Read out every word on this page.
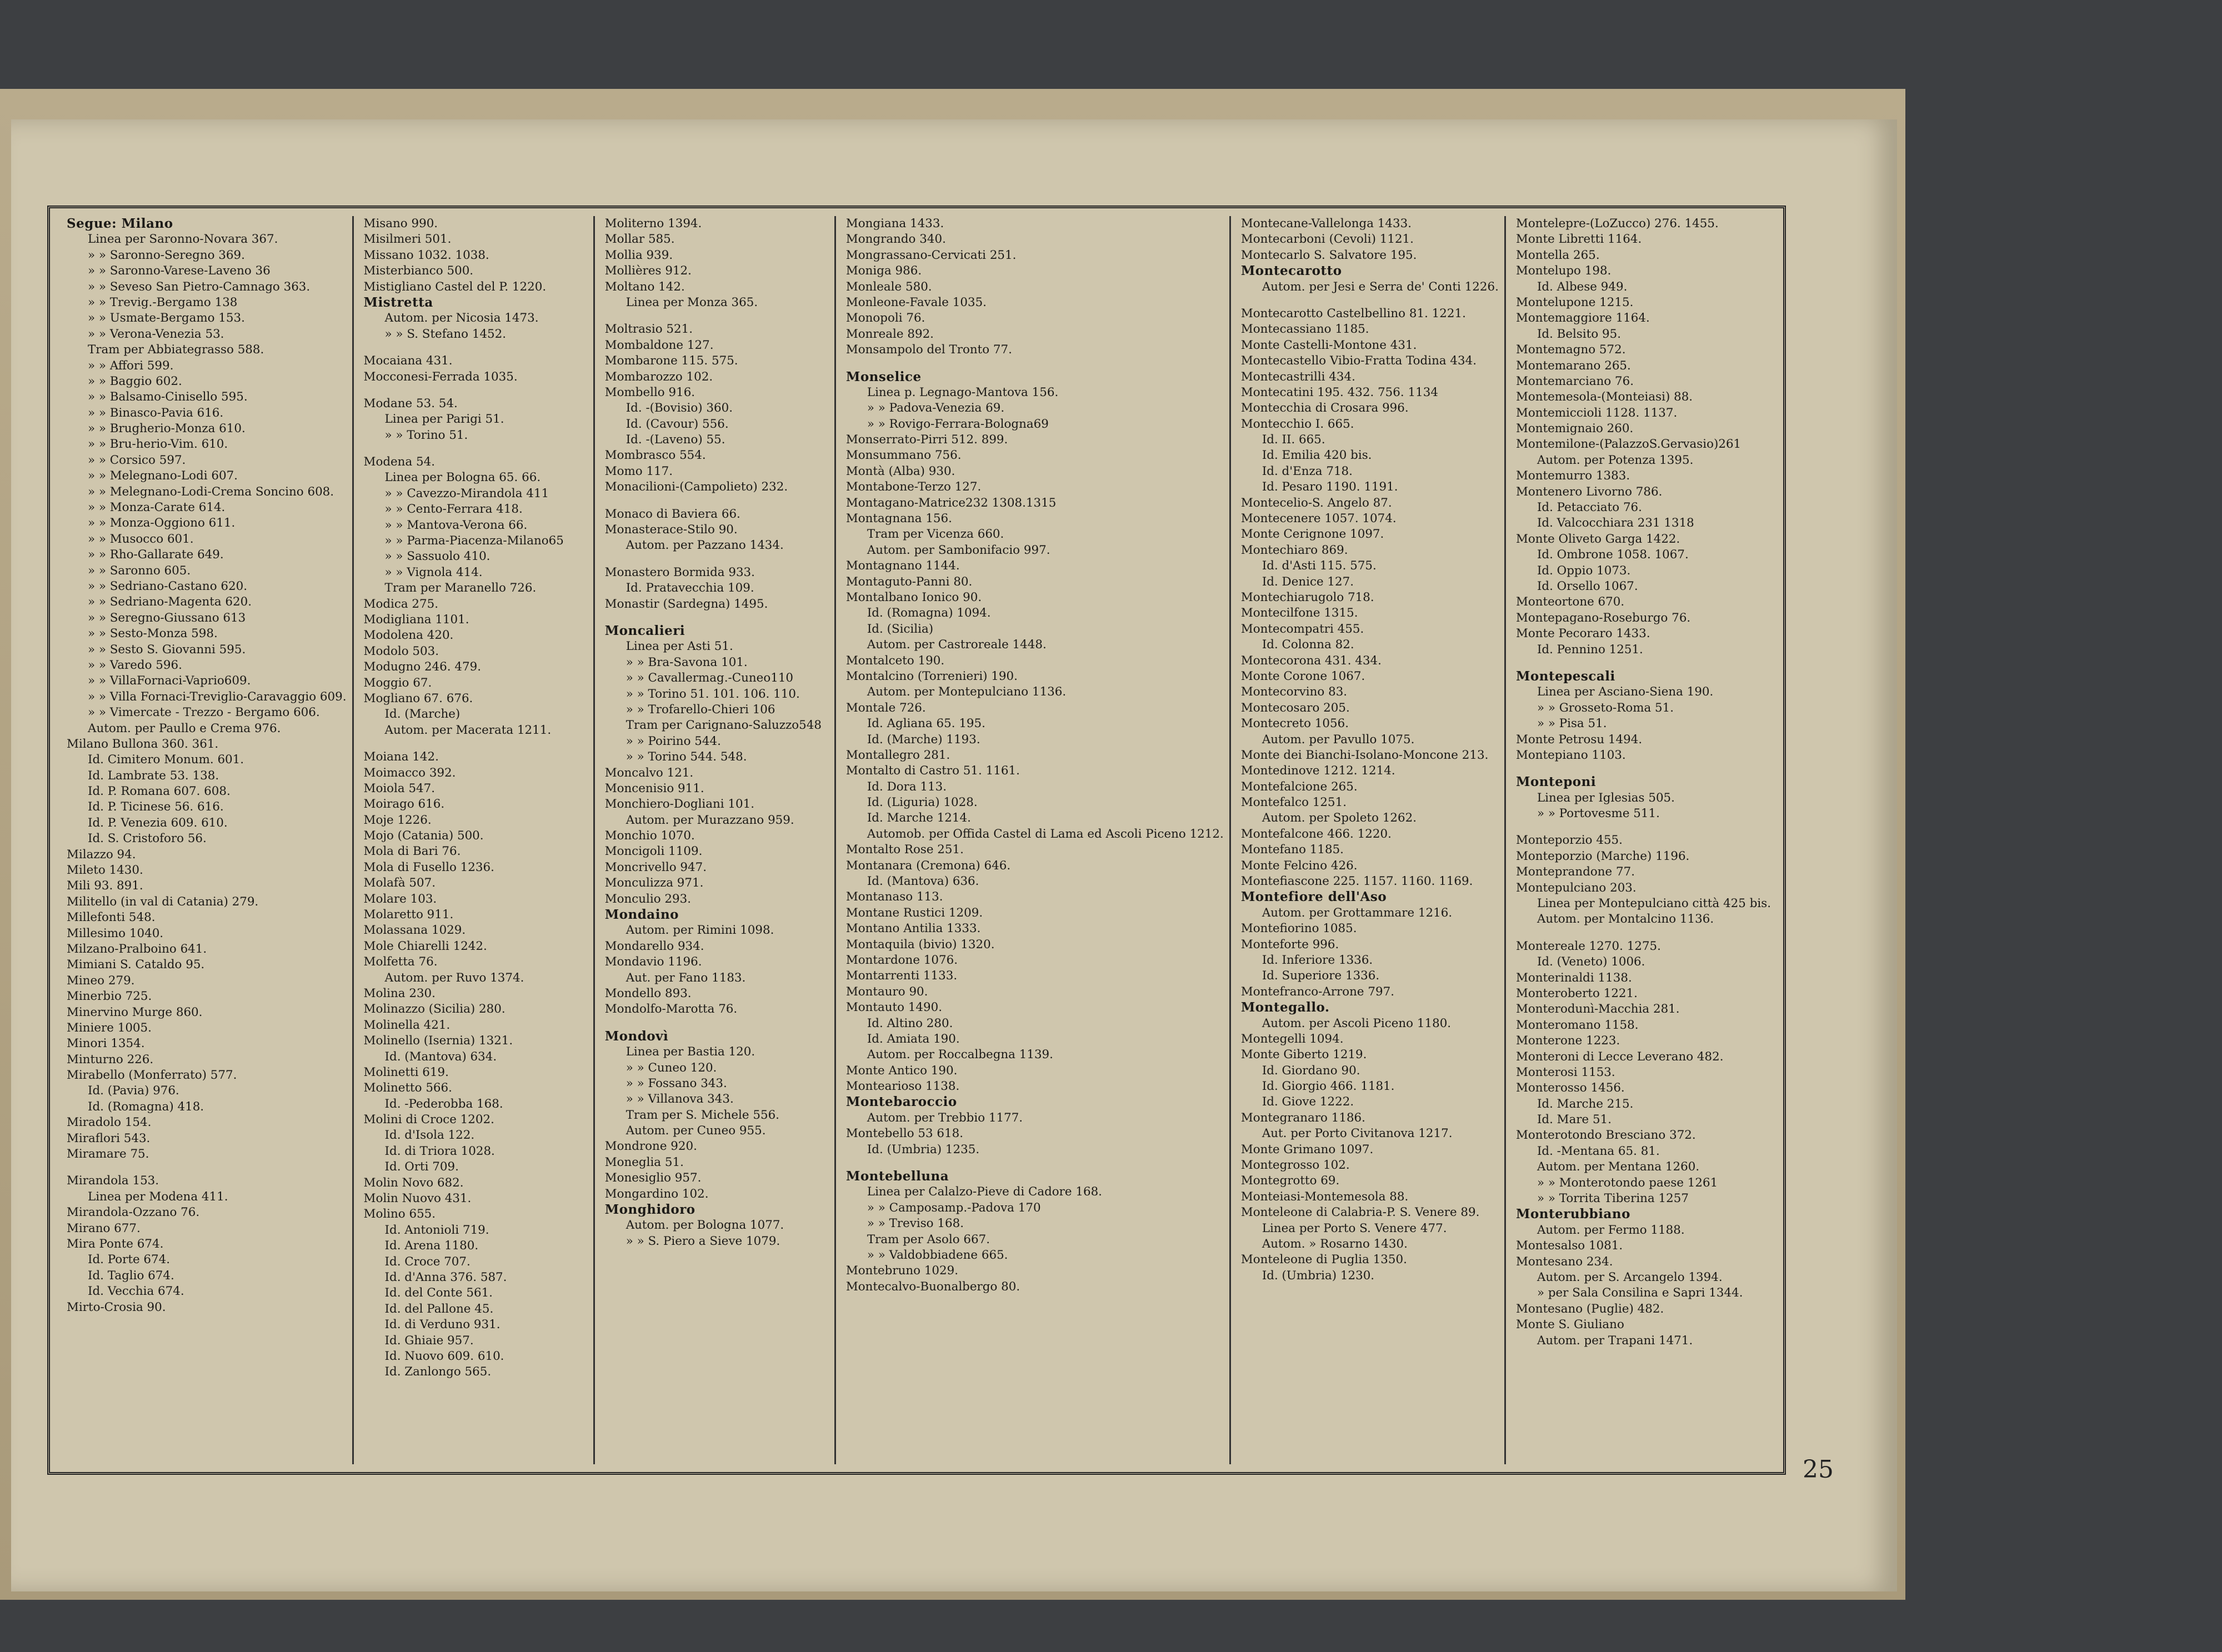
Segue: Milano
Linea per Saronno-Novara 367.
» » Saronno-Seregno 369.
» » Saronno-Varese-Laveno 36
» » Seveso San Pietro-Camnago 363.
» » Trevig.-Bergamo 138
» » Usmate-Bergamo 153.
» » Verona-Venezia 53.
Tram per Abbiategrasso 588.
» » Affori 599.
» » Baggio 602.
» » Balsamo-Cinisello 595.
» » Binasco-Pavia 616.
» » Brugherio-Monza 610.
» » Bru-herio-Vim. 610.
» » Corsico 597.
» » Melegnano-Lodi 607.
» » Melegnano-Lodi-Crema Soncino 608.
» » Monza-Carate 614.
» » Monza-Oggiono 611.
» » Musocco 601.
» » Rho-Gallarate 649.
» » Saronno 605.
» » Sedriano-Castano 620.
» » Sedriano-Magenta 620.
» » Seregno-Giussano 613
» » Sesto-Monza 598.
» » Sesto S. Giovanni 595.
» » Varedo 596.
» » VillaFornaci-Vaprio609.
» » Villa Fornaci-Treviglio-Caravaggio 609.
» » Vimercate - Trezzo - Bergamo 606.
Autom. per Paullo e Crema 976.
Milano Bullona 360. 361.
Id. Cimitero Monum. 601.
Id. Lambrate 53. 138.
Id. P. Romana 607. 608.
Id. P. Ticinese 56. 616.
Id. P. Venezia 609. 610.
Id. S. Cristoforo 56.
Milazzo 94.
Mileto 1430.
Mili 93. 891.
Militello (in val di Catania) 279.
Millefonti 548.
Millesimo 1040.
Milzano-Pralboino 641.
Mimiani S. Cataldo 95.
Mineo 279.
Minerbio 725.
Minervino Murge 860.
Miniere 1005.
Minori 1354.
Minturno 226.
Mirabello (Monferrato) 577.
Id. (Pavia) 976.
Id. (Romagna) 418.
Miradolo 154.
Miraflori 543.
Miramare 75.
Mirandola 153.
Linea per Modena 411.
Mirandola-Ozzano 76.
Mirano 677.
Mira Ponte 674.
Id. Porte 674.
Id. Taglio 674.
Id. Vecchia 674.
Mirto-Crosia 90.
Misano 990.
Misilmeri 501.
Missano 1032. 1038.
Misterbianco 500.
Mistigliano Castel del P. 1220.
Mistretta
Autom. per Nicosia 1473.
» » S. Stefano 1452.
Mocaiana 431.
Mocconesi-Ferrada 1035.
Modane 53. 54.
Linea per Parigi 51.
» » Torino 51.
Modena 54.
Linea per Bologna 65. 66.
» » Cavezzo-Mirandola 411
» » Cento-Ferrara 418.
» » Mantova-Verona 66.
» » Parma-Piacenza-Milano65
» » Sassuolo 410.
» » Vignola 414.
Tram per Maranello 726.
Modica 275.
Modigliana 1101.
Modolena 420.
Modolo 503.
Modugno 246. 479.
Moggio 67.
Mogliano 67. 676.
Id. (Marche)
Autom. per Macerata 1211.
Moiana 142.
Moimacco 392.
Moiola 547.
Moirago 616.
Moje 1226.
Mojo (Catania) 500.
Mola di Bari 76.
Mola di Fusello 1236.
Molafà 507.
Molare 103.
Molaretto 911.
Molassana 1029.
Mole Chiarelli 1242.
Molfetta 76.
Autom. per Ruvo 1374.
Molina 230.
Molinazzo (Sicilia) 280.
Molinella 421.
Molinello (Isernia) 1321.
Id. (Mantova) 634.
Molinetti 619.
Molinetto 566.
Id. -Pederobba 168.
Molini di Croce 1202.
Id. d'Isola 122.
Id. di Triora 1028.
Id. Orti 709.
Molin Novo 682.
Molin Nuovo 431.
Molino 655.
Id. Antonioli 719.
Id. Arena 1180.
Id. Croce 707.
Id. d'Anna 376. 587.
Id. del Conte 561.
Id. del Pallone 45.
Id. di Verduno 931.
Id. Ghiaie 957.
Id. Nuovo 609. 610.
Id. Zanlongo 565.
Moliterno 1394.
Mollar 585.
Mollia 939.
Mollières 912.
Moltano 142.
Linea per Monza 365.
Moltrasio 521.
Mombaldone 127.
Mombarone 115. 575.
Mombarozzo 102.
Mombello 916.
Id. -(Bovisio) 360.
Id. (Cavour) 556.
Id. -(Laveno) 55.
Mombrasco 554.
Momo 117.
Monacilioni-(Campolieto) 232.
Monaco di Baviera 66.
Monasterace-Stilo 90.
Autom. per Pazzano 1434.
Monastero Bormida 933.
Id. Pratavecchia 109.
Monastir (Sardegna) 1495.
Moncalieri
Linea per Asti 51.
» » Bra-Savona 101.
» » Cavallermag.-Cuneo110
» » Torino 51. 101. 106. 110.
» » Trofarello-Chieri 106
Tram per Carignano-Saluzzo548
» » Poirino 544.
» » Torino 544. 548.
Moncalvo 121.
Moncenisio 911.
Monchiero-Dogliani 101.
Autom. per Murazzano 959.
Monchio 1070.
Moncigoli 1109.
Moncrivello 947.
Monculizza 971.
Monculio 293.
Mondaino
Autom. per Rimini 1098.
Mondarello 934.
Mondavio 1196.
Aut. per Fano 1183.
Mondello 893.
Mondolfo-Marotta 76.
Mondovì
Linea per Bastia 120.
» » Cuneo 120.
» » Fossano 343.
» » Villanova 343.
Tram per S. Michele 556.
Autom. per Cuneo 955.
Mondrone 920.
Moneglia 51.
Monesiglio 957.
Mongardino 102.
Monghidoro
Autom. per Bologna 1077.
» » S. Piero a Sieve 1079.
Mongiana 1433.
Mongrando 340.
Mongrassano-Cervicati 251.
Moniga 986.
Monleale 580.
Monleone-Favale 1035.
Monopoli 76.
Monreale 892.
Monsampolo del Tronto 77.
Monselice
Linea p. Legnago-Mantova 156.
» » Padova-Venezia 69.
» » Rovigo-Ferrara-Bologna69
Monserrato-Pirri 512. 899.
Monsummano 756.
Montà (Alba) 930.
Montabone-Terzo 127.
Montagano-Matrice232 1308.1315
Montagnana 156.
Tram per Vicenza 660.
Autom. per Sambonifacio 997.
Montagnano 1144.
Montaguto-Panni 80.
Montalbano Ionico 90.
Id. (Romagna) 1094.
Id. (Sicilia)
Autom. per Castroreale 1448.
Montalceto 190.
Montalcino (Torrenieri) 190.
Autom. per Montepulciano 1136.
Montale 726.
Id. Agliana 65. 195.
Id. (Marche) 1193.
Montallegro 281.
Montalto di Castro 51. 1161.
Id. Dora 113.
Id. (Liguria) 1028.
Id. Marche 1214.
Automob. per Offida Castel di Lama ed Ascoli Piceno 1212.
Montalto Rose 251.
Montanara (Cremona) 646.
Id. (Mantova) 636.
Montanaso 113.
Montane Rustici 1209.
Montano Antilia 1333.
Montaquila (bivio) 1320.
Montardone 1076.
Montarrenti 1133.
Montauro 90.
Montauto 1490.
Id. Altino 280.
Id. Amiata 190.
Autom. per Roccalbegna 1139.
Monte Antico 190.
Montearioso 1138.
Montebaroccio
Autom. per Trebbio 1177.
Montebello 53 618.
Id. (Umbria) 1235.
Montebelluna
Linea per Calalzo-Pieve di Cadore 168.
» » Camposamp.-Padova 170
» » Treviso 168.
Tram per Asolo 667.
» » Valdobbiadene 665.
Montebruno 1029.
Montecalvo-Buonalbergo 80.
Montecane-Vallelonga 1433.
Montecarboni (Cevoli) 1121.
Montecarlo S. Salvatore 195.
Montecarotto
Autom. per Jesi e Serra de' Conti 1226.
Montecarotto Castelbellino 81. 1221.
Montecassiano 1185.
Monte Castelli-Montone 431.
Montecastello Vibio-Fratta Todina 434.
Montecastrilli 434.
Montecatini 195. 432. 756. 1134
Montecchia di Crosara 996.
Montecchio I. 665.
Id. II. 665.
Id. Emilia 420 bis.
Id. d'Enza 718.
Id. Pesaro 1190. 1191.
Montecelio-S. Angelo 87.
Montecenere 1057. 1074.
Monte Cerignone 1097.
Montechiaro 869.
Id. d'Asti 115. 575.
Id. Denice 127.
Montechiarugolo 718.
Montecilfone 1315.
Montecompatri 455.
Id. Colonna 82.
Montecorona 431. 434.
Monte Corone 1067.
Montecorvino 83.
Montecosaro 205.
Montecreto 1056.
Autom. per Pavullo 1075.
Monte dei Bianchi-Isolano-Moncone 213.
Montedinove 1212. 1214.
Montefalcione 265.
Montefalco 1251.
Autom. per Spoleto 1262.
Montefalcone 466. 1220.
Montefano 1185.
Monte Felcino 426.
Montefiascone 225. 1157. 1160. 1169.
Montefiore dell'Aso
Autom. per Grottammare 1216.
Montefiorino 1085.
Monteforte 996.
Id. Inferiore 1336.
Id. Superiore 1336.
Montefranco-Arrone 797.
Montegallo.
Autom. per Ascoli Piceno 1180.
Montegelli 1094.
Monte Giberto 1219.
Id. Giordano 90.
Id. Giorgio 466. 1181.
Id. Giove 1222.
Montegranaro 1186.
Aut. per Porto Civitanova 1217.
Monte Grimano 1097.
Montegrosso 102.
Montegrotto 69.
Monteiasi-Montemesola 88.
Monteleone di Calabria-P. S. Venere 89.
Linea per Porto S. Venere 477.
Autom. » Rosarno 1430.
Monteleone di Puglia 1350.
Id. (Umbria) 1230.
Montelepre-(LoZucco) 276. 1455.
Monte Libretti 1164.
Montella 265.
Montelupo 198.
Id. Albese 949.
Montelupone 1215.
Montemaggiore 1164.
Id. Belsito 95.
Montemagno 572.
Montemarano 265.
Montemarciano 76.
Montemesola-(Monteiasi) 88.
Montemiccioli 1128. 1137.
Montemignaio 260.
Montemilone-(PalazzoS.Gervasio)261
Autom. per Potenza 1395.
Montemurro 1383.
Montenero Livorno 786.
Id. Petacciato 76.
Id. Valcocchiara 231 1318
Monte Oliveto Garga 1422.
Id. Ombrone 1058. 1067.
Id. Oppio 1073.
Id. Orsello 1067.
Monteortone 670.
Montepagano-Roseburgo 76.
Monte Pecoraro 1433.
Id. Pennino 1251.
Montepescali
Linea per Asciano-Siena 190.
» » Grosseto-Roma 51.
» » Pisa 51.
Monte Petrosu 1494.
Montepiano 1103.
Monteponi
Linea per Iglesias 505.
» » Portovesme 511.
Monteporzio 455.
Monteporzio (Marche) 1196.
Monteprandone 77.
Montepulciano 203.
Linea per Montepulciano città 425 bis.
Autom. per Montalcino 1136.
Montereale 1270. 1275.
Id. (Veneto) 1006.
Monterinaldi 1138.
Monteroberto 1221.
Monterodunì-Macchia 281.
Monteromano 1158.
Monterone 1223.
Monteroni di Lecce Leverano 482.
Monterosi 1153.
Monterosso 1456.
Id. Marche 215.
Id. Mare 51.
Monterotondo Bresciano 372.
Id. -Mentana 65. 81.
Autom. per Mentana 1260.
» » Monterotondo paese 1261
» » Torrita Tiberina 1257
Monterubbiano
Autom. per Fermo 1188.
Montesalso 1081.
Montesano 234.
Autom. per S. Arcangelo 1394.
» per Sala Consilina e Sapri 1344.
Montesano (Puglie) 482.
Monte S. Giuliano
Autom. per Trapani 1471.
25
